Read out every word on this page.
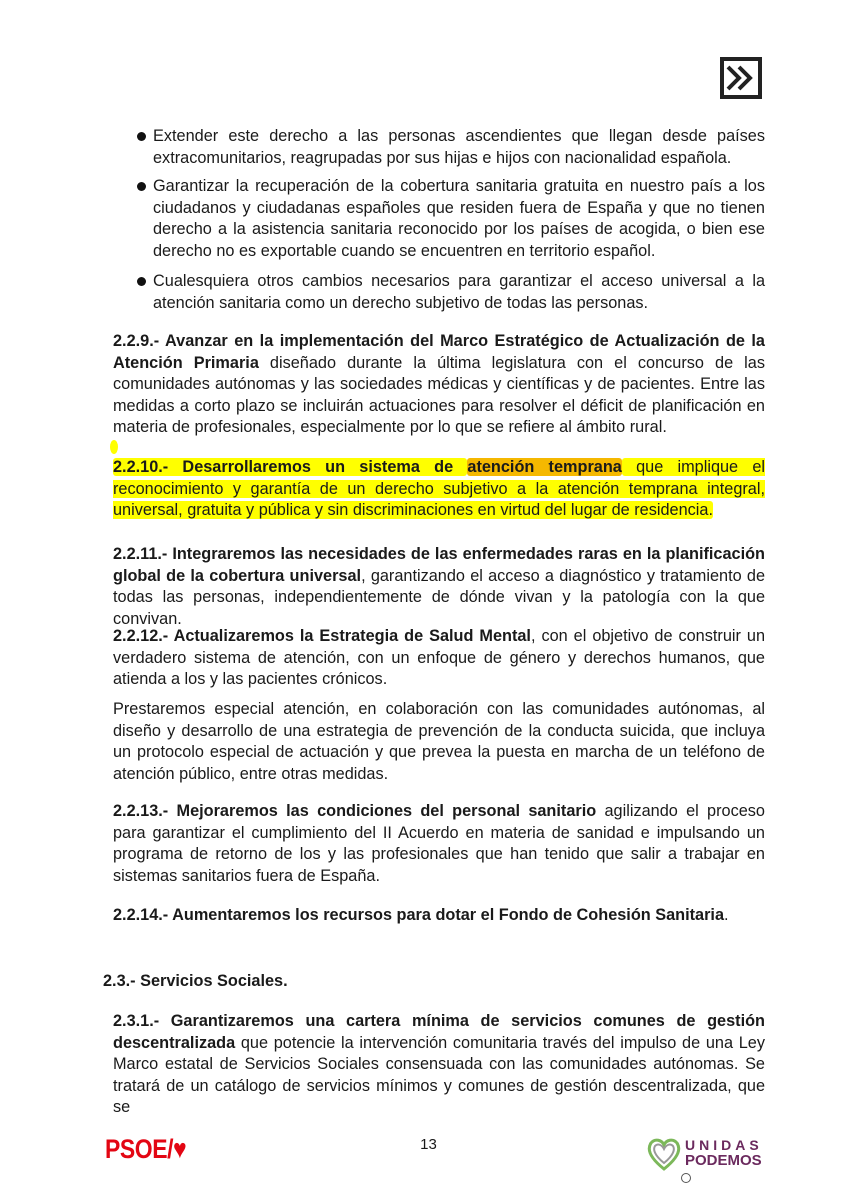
Extender este derecho a las personas ascendientes que llegan desde países extracomunitarios, reagrupadas por sus hijas e hijos con nacionalidad española.
Garantizar la recuperación de la cobertura sanitaria gratuita en nuestro país a los ciudadanos y ciudadanas españoles que residen fuera de España y que no tienen derecho a la asistencia sanitaria reconocido por los países de acogida, o bien ese derecho no es exportable cuando se encuentren en territorio español.
Cualesquiera otros cambios necesarios para garantizar el acceso universal a la atención sanitaria como un derecho subjetivo de todas las personas.
2.2.9.- Avanzar en la implementación del Marco Estratégico de Actualización de la Atención Primaria diseñado durante la última legislatura con el concurso de las comunidades autónomas y las sociedades médicas y científicas y de pacientes. Entre las medidas a corto plazo se incluirán actuaciones para resolver el déficit de planificación en materia de profesionales, especialmente por lo que se refiere al ámbito rural.
2.2.10.- Desarrollaremos un sistema de atención temprana que implique el reconocimiento y garantía de un derecho subjetivo a la atención temprana integral, universal, gratuita y pública y sin discriminaciones en virtud del lugar de residencia.
2.2.11.- Integraremos las necesidades de las enfermedades raras en la planificación global de la cobertura universal, garantizando el acceso a diagnóstico y tratamiento de todas las personas, independientemente de dónde vivan y la patología con la que convivan.
2.2.12.- Actualizaremos la Estrategia de Salud Mental, con el objetivo de construir un verdadero sistema de atención, con un enfoque de género y derechos humanos, que atienda a los y las pacientes crónicos.
Prestaremos especial atención, en colaboración con las comunidades autónomas, al diseño y desarrollo de una estrategia de prevención de la conducta suicida, que incluya un protocolo especial de actuación y que prevea la puesta en marcha de un teléfono de atención público, entre otras medidas.
2.2.13.- Mejoraremos las condiciones del personal sanitario agilizando el proceso para garantizar el cumplimiento del II Acuerdo en materia de sanidad e impulsando un programa de retorno de los y las profesionales que han tenido que salir a trabajar en sistemas sanitarios fuera de España.
2.2.14.- Aumentaremos los recursos para dotar el Fondo de Cohesión Sanitaria.
2.3.- Servicios Sociales.
2.3.1.- Garantizaremos una cartera mínima de servicios comunes de gestión descentralizada que potencie la intervención comunitaria través del impulso de una Ley Marco estatal de Servicios Sociales consensuada con las comunidades autónomas. Se tratará de un catálogo de servicios mínimos y comunes de gestión descentralizada, que se
PSOE/♥	13	UNIDAS
PODEMOS
